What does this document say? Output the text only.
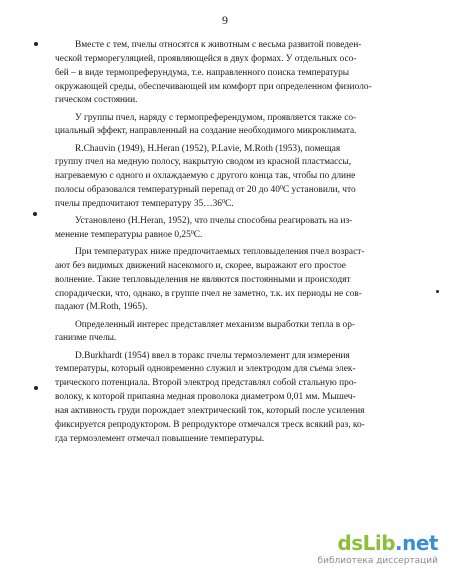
9
Вместе с тем, пчелы относятся к животным с весьма развитой поведен-
ческой терморегуляцией, проявляющейся в двух формах. У отдельных осо-
бей – в виде термопреферундума, т.е. направленного поиска температуры
окружающей среды, обеспечивающей им комфорт при определенном физиоло-
гическом состоянии.
У группы пчел, наряду с термопреферендумом, проявляется также со-
циальный эффект, направленный на создание необходимого микроклимата.
R.Chauvin (1949), H.Heran (1952), P.Lavie, M.Roth (1953), помещая
группу пчел на медную полосу, накрытую сводом из красной пластмассы,
нагреваемую с одного и охлаждаемую с другого конца так, чтобы по длине
полосы образовался температурный перепад от 20 до $40^0С$ установили, что
пчелы предпочитают температуру $35\dots 36^0С$.
Установлено (H.Heran, 1952), что пчелы способны реагировать на из-
менение температуры равное 0,25$^0$С.
При температурах ниже предпочитаемых тепловыделения пчел возраст-
ают без видимых движений насекомого и, скорее, выражают его простое
волнение. Такие тепловыделения не являются постоянными и происходят
спорадически, что, однако, в группе пчел не заметно, т.к. их периоды не сов-
падают (M.Roth, 1965).
Определенный интерес представляет механизм выработки тепла в ор-
ганизме пчелы.
D.Burkhardt (1954) ввел в торакс пчелы термоэлемент для измерения
температуры, который одновременно служил и электродом для съема элек-
трического потенциала. Второй электрод представлял собой стальную про-
волоку, к которой припаяна медная проволока диаметром 0,01 мм. Мышеч-
ная активность груди порождает электрический ток, который после усиления
фиксируется репродуктором. В репродукторе отмечался треск всякий раз, ко-
гда термоэлемент отмечал повышение температуры.
dsLib.net
библиотека диссертаций
